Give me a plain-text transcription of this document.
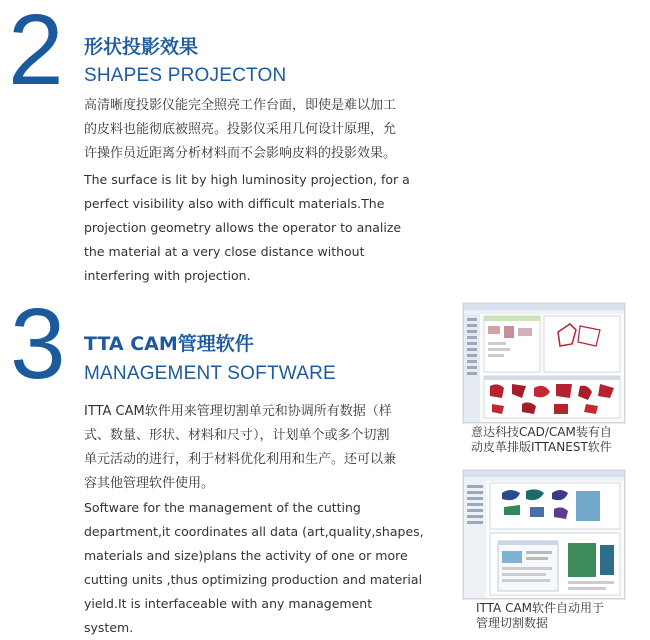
2 形状投影效果
SHAPES PROJECTON
高清晰度投影仪能完全照亮工作台面，即使是难以加工
的皮料也能彻底被照亮。投影仪采用几何设计原理，允
许操作员近距离分析材料而不会影响皮料的投影效果。
The surface is lit by high luminosity projection, for a
perfect visibility also with difficult materials.The
projection geometry allows the operator to analize
the material at a very close distance without
interfering with projection.
3 TTA CAM管理软件
MANAGEMENT SOFTWARE
ITTA CAM软件用来管理切割单元和协调所有数据（样
式、数量、形状、材料和尺寸），计划单个或多个切割
单元活动的进行，利于材料优化利用和生产。还可以兼
容其他管理软件使用。
Software for the management of the cutting
department,it coordinates all data (art,quality,shapes,
materials and size)plans the activity of one or more
cutting units ,thus optimizing production and material
yield.It is interfaceable with any management
system.
意达科技CAD/CAM装有自
动皮革排版ITTANEST软件
ITTA CAM软件自动用于
管理切割数据
